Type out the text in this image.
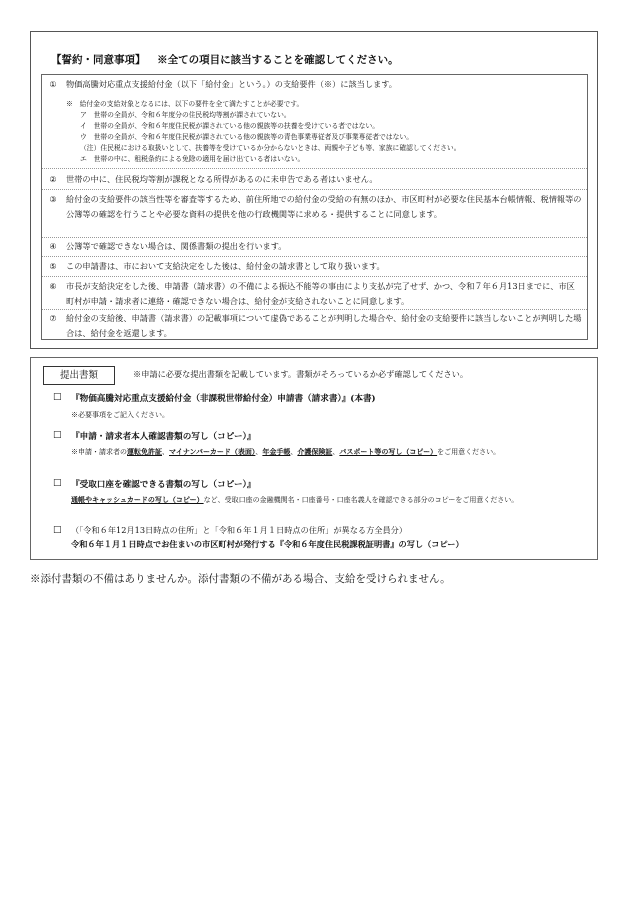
【誓約・同意事項】 ※全ての項目に該当することを確認してください。
①	物価高騰対応重点支援給付金（以下「給付金」という。）の支給要件（※）に該当します。
※　給付金の支給対象となるには、以下の要件を全て満たすことが必要です。
ア　世帯の全員が、令和６年度分の住民税均等割が課されていない。
イ　世帯の全員が、令和６年度住民税が課されている他の親族等の扶養を受けている者ではない。
ウ　世帯の全員が、令和６年度住民税が課されている他の親族等の青色事業専従者及び事業専従者ではない。
（注）住民税における取扱いとして、扶養等を受けているか分からないときは、両親や子ども等、家族に確認してください。
エ　世帯の中に、租税条約による免除の適用を届け出ている者はいない。
②	世帯の中に、住民税均等割が課税となる所得があるのに未申告である者はいません。
③	給付金の支給要件の該当性等を審査等するため、前住所地での給付金の受給の有無のほか、市区町村が必要な住民基本台帳情報、税情報等の公簿等の確認を行うことや必要な資料の提供を他の行政機関等に求める・提供することに同意します。
④	公簿等で確認できない場合は、関係書類の提出を行います。
⑤	この申請書は、市において支給決定をした後は、給付金の請求書として取り扱います。
⑥	市長が支給決定をした後、申請書（請求書）の不備による振込不能等の事由により支払が完了せず、かつ、令和７年６月13日までに、市区町村が申請・請求者に連絡・確認できない場合は、給付金が支給されないことに同意します。
⑦	給付金の支給後、申請書（請求書）の記載事項について虚偽であることが判明した場合や、給付金の支給要件に該当しないことが判明した場合は、給付金を返還します。
提出書類	※申請に必要な提出書類を記載しています。書類がそろっているか必ず確認してください。
□ 『物価高騰対応重点支援給付金（非課税世帯給付金）申請書（請求書）』(本書)
※必要事項をご記入ください。
□ 『申請・請求者本人確認書類の写し（コピー）』
※申請・請求者の運転免許証、マイナンバーカード（表面）、年金手帳、介護保険証、パスポート等の写し（コピー）をご用意ください。
□ 『受取口座を確認できる書類の写し（コピー）』
通帳やキャッシュカードの写し（コピー）など、受取口座の金融機関名・口座番号・口座名義人を確認できる部分のコピーをご用意ください。
□ （「令和６年12月13日時点の住所」と「令和６年１月１日時点の住所」が異なる方全員分）
令和６年１月１日時点でお住まいの市区町村が発行する『令和６年度住民税課税証明書』の写し（コピー）
※添付書類の不備はありませんか。添付書類の不備がある場合、支給を受けられません。
